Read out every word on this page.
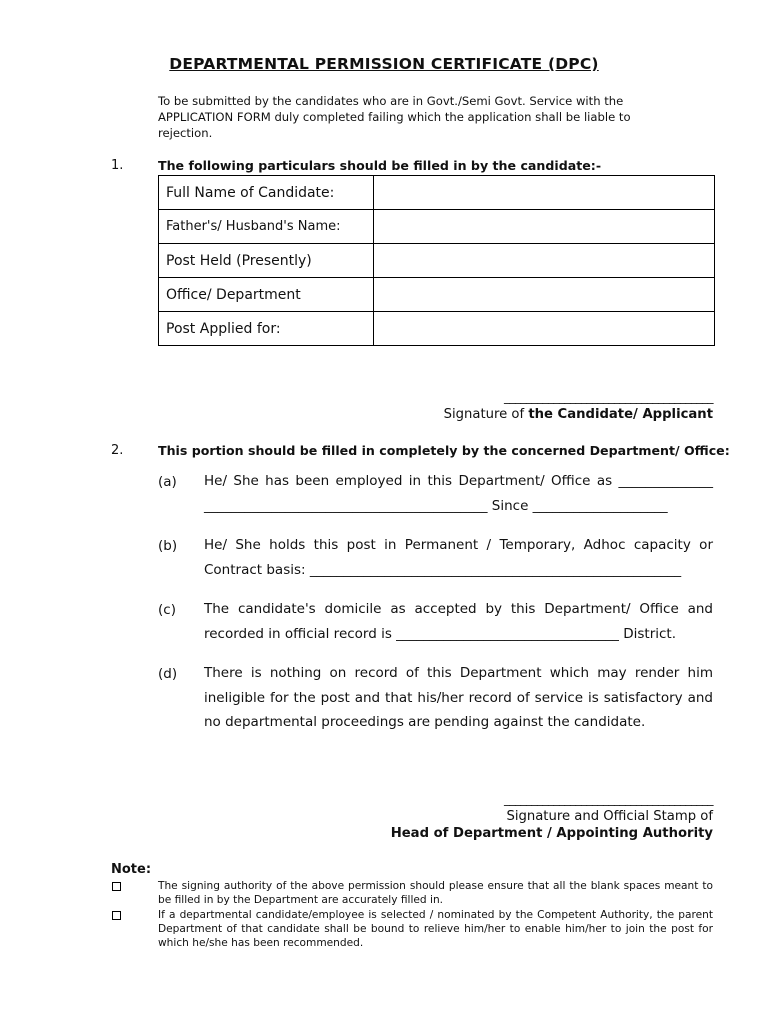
DEPARTMENTAL PERMISSION CERTIFICATE (DPC)

To be submitted by the candidates who are in Govt./Semi Govt. Service with the APPLICATION FORM duly completed failing which the application shall be liable to rejection.

1.	The following particulars should be filled in by the candidate:-
Full Name of Candidate:	
Father's/ Husband's Name:	
Post Held (Presently)	
Office/ Department	
Post Applied for:	
______________________________________
Signature of the Candidate/ Applicant
2.	This portion should be filled in completely by the concerned Department/ Office:
(a) He/ She has been employed in this Department/ Office as ______________ __________________________________________ Since ____________________

(b) He/ She holds this post in Permanent / Temporary, Adhoc capacity or Contract basis: _______________________________________________________

(c) The candidate's domicile as accepted by this Department/ Office and recorded in official record is _________________________________ District.

(d) There is nothing on record of this Department which may render him ineligible for the post and that his/her record of service is satisfactory and no departmental proceedings are pending against the candidate.

______________________________________
Signature and Official Stamp of
Head of Department / Appointing Authority
Note:

The signing authority of the above permission should please ensure that all the blank spaces meant to be filled in by the Department are accurately filled in.

If a departmental candidate/employee is selected / nominated by the Competent Authority, the parent Department of that candidate shall be bound to relieve him/her to enable him/her to join the post for which he/she has been recommended.
